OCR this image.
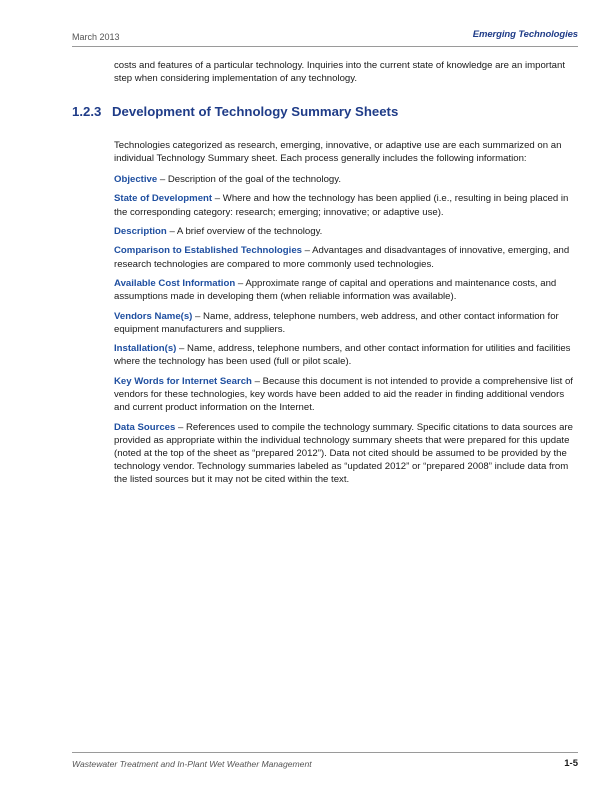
March 2013	Emerging Technologies

costs and features of a particular technology. Inquiries into the current state of knowledge are an important step when considering implementation of any technology.

1.2.3 Development of Technology Summary Sheets

Technologies categorized as research, emerging, innovative, or adaptive use are each summarized on an individual Technology Summary sheet. Each process generally includes the following information:

Objective – Description of the goal of the technology.

State of Development – Where and how the technology has been applied (i.e., resulting in being placed in the corresponding category: research; emerging; innovative; or adaptive use).

Description – A brief overview of the technology.

Comparison to Established Technologies – Advantages and disadvantages of innovative, emerging, and research technologies are compared to more commonly used technologies.

Available Cost Information – Approximate range of capital and operations and maintenance costs, and assumptions made in developing them (when reliable information was available).

Vendors Name(s) – Name, address, telephone numbers, web address, and other contact information for equipment manufacturers and suppliers.

Installation(s) – Name, address, telephone numbers, and other contact information for utilities and facilities where the technology has been used (full or pilot scale).

Key Words for Internet Search – Because this document is not intended to provide a comprehensive list of vendors for these technologies, key words have been added to aid the reader in finding additional vendors and current product information on the Internet.

Data Sources – References used to compile the technology summary. Specific citations to data sources are provided as appropriate within the individual technology summary sheets that were prepared for this update (noted at the top of the sheet as “prepared 2012”). Data not cited should be assumed to be provided by the technology vendor. Technology summaries labeled as “updated 2012” or “prepared 2008” include data from the listed sources but it may not be cited within the text.

Wastewater Treatment and In-Plant Wet Weather Management	1-5
